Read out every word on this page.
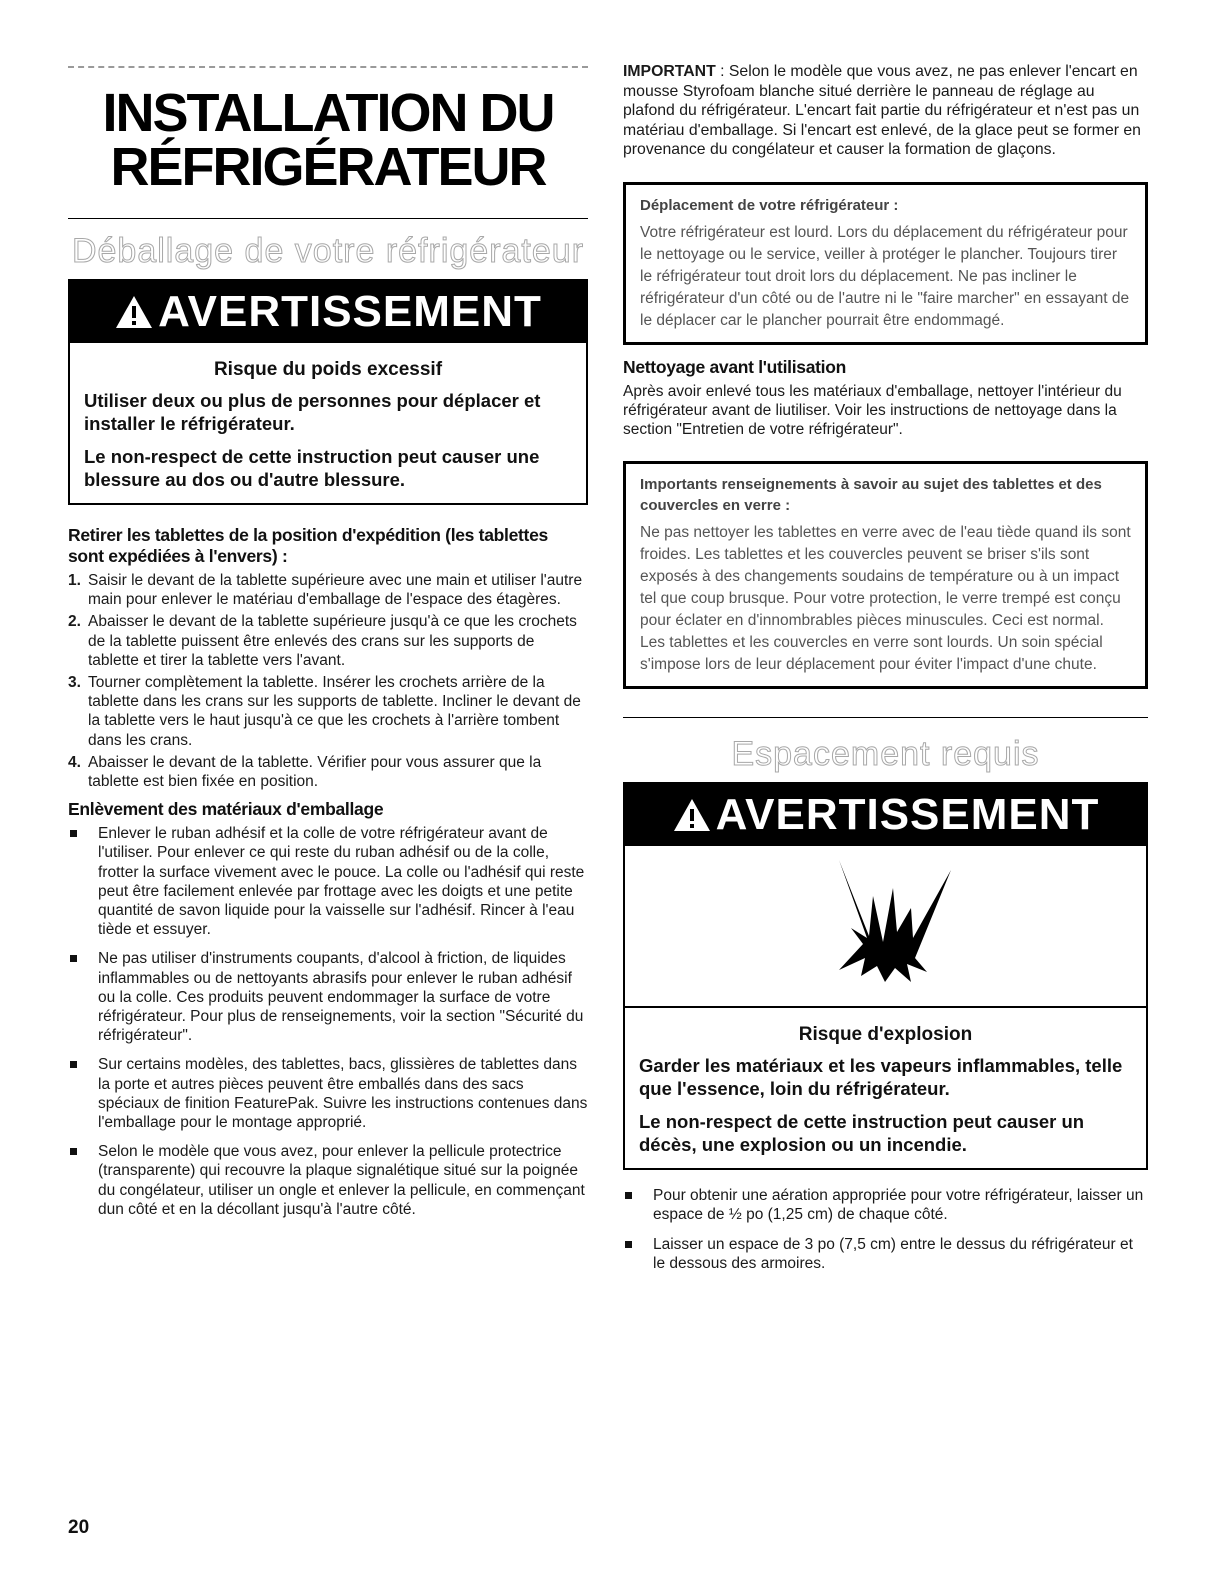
INSTALLATION DU
RÉFRIGÉRATEUR
Déballage de votre réfrigérateur
AVERTISSEMENT
Risque du poids excessif
Utiliser deux ou plus de personnes pour déplacer et installer le réfrigérateur.
Le non-respect de cette instruction peut causer une blessure au dos ou d'autre blessure.
Retirer les tablettes de la position d'expédition (les tablettes sont expédiées à l'envers) :
1. Saisir le devant de la tablette supérieure avec une main et utiliser l'autre main pour enlever le matériau d'emballage de l'espace des étagères.
2. Abaisser le devant de la tablette supérieure jusqu'à ce que les crochets de la tablette puissent être enlevés des crans sur les supports de tablette et tirer la tablette vers l'avant.
3. Tourner complètement la tablette. Insérer les crochets arrière de la tablette dans les crans sur les supports de tablette. Incliner le devant de la tablette vers le haut jusqu'à ce que les crochets à l'arrière tombent dans les crans.
4. Abaisser le devant de la tablette. Vérifier pour vous assurer que la tablette est bien fixée en position.
Enlèvement des matériaux d'emballage
Enlever le ruban adhésif et la colle de votre réfrigérateur avant de l'utiliser. Pour enlever ce qui reste du ruban adhésif ou de la colle, frotter la surface vivement avec le pouce. La colle ou l'adhésif qui reste peut être facilement enlevée par frottage avec les doigts et une petite quantité de savon liquide pour la vaisselle sur l'adhésif. Rincer à l'eau tiède et essuyer.
Ne pas utiliser d'instruments coupants, d'alcool à friction, de liquides inflammables ou de nettoyants abrasifs pour enlever le ruban adhésif ou la colle. Ces produits peuvent endommager la surface de votre réfrigérateur. Pour plus de renseignements, voir la section "Sécurité du réfrigérateur".
Sur certains modèles, des tablettes, bacs, glissières de tablettes dans la porte et autres pièces peuvent être emballés dans des sacs spéciaux de finition FeaturePak. Suivre les instructions contenues dans l'emballage pour le montage approprié.
Selon le modèle que vous avez, pour enlever la pellicule protectrice (transparente) qui recouvre la plaque signalétique situé sur la poignée du congélateur, utiliser un ongle et enlever la pellicule, en commençant dun côté et en la décollant jusqu'à l'autre côté.
IMPORTANT : Selon le modèle que vous avez, ne pas enlever l'encart en mousse Styrofoam blanche situé derrière le panneau de réglage au plafond du réfrigérateur. L'encart fait partie du réfrigérateur et n'est pas un matériau d'emballage. Si l'encart est enlevé, de la glace peut se former en provenance du congélateur et causer la formation de glaçons.
Déplacement de votre réfrigérateur :
Votre réfrigérateur est lourd. Lors du déplacement du réfrigérateur pour le nettoyage ou le service, veiller à protéger le plancher. Toujours tirer le réfrigérateur tout droit lors du déplacement. Ne pas incliner le réfrigérateur d'un côté ou de l'autre ni le "faire marcher" en essayant de le déplacer car le plancher pourrait être endommagé.
Nettoyage avant l'utilisation
Après avoir enlevé tous les matériaux d'emballage, nettoyer l'intérieur du réfrigérateur avant de liutiliser. Voir les instructions de nettoyage dans la section "Entretien de votre réfrigérateur".
Importants renseignements à savoir au sujet des tablettes et des couvercles en verre :
Ne pas nettoyer les tablettes en verre avec de l'eau tiède quand ils sont froides. Les tablettes et les couvercles peuvent se briser s'ils sont exposés à des changements soudains de température ou à un impact tel que coup brusque. Pour votre protection, le verre trempé est conçu pour éclater en d'innombrables pièces minuscules. Ceci est normal. Les tablettes et les couvercles en verre sont lourds. Un soin spécial s'impose lors de leur déplacement pour éviter l'impact d'une chute.
Espacement requis
AVERTISSEMENT
Risque d'explosion
Garder les matériaux et les vapeurs inflammables, telle que l'essence, loin du réfrigérateur.
Le non-respect de cette instruction peut causer un décès, une explosion ou un incendie.
Pour obtenir une aération appropriée pour votre réfrigérateur, laisser un espace de ½ po (1,25 cm) de chaque côté.
Laisser un espace de 3 po (7,5 cm) entre le dessus du réfrigérateur et le dessous des armoires.
20
